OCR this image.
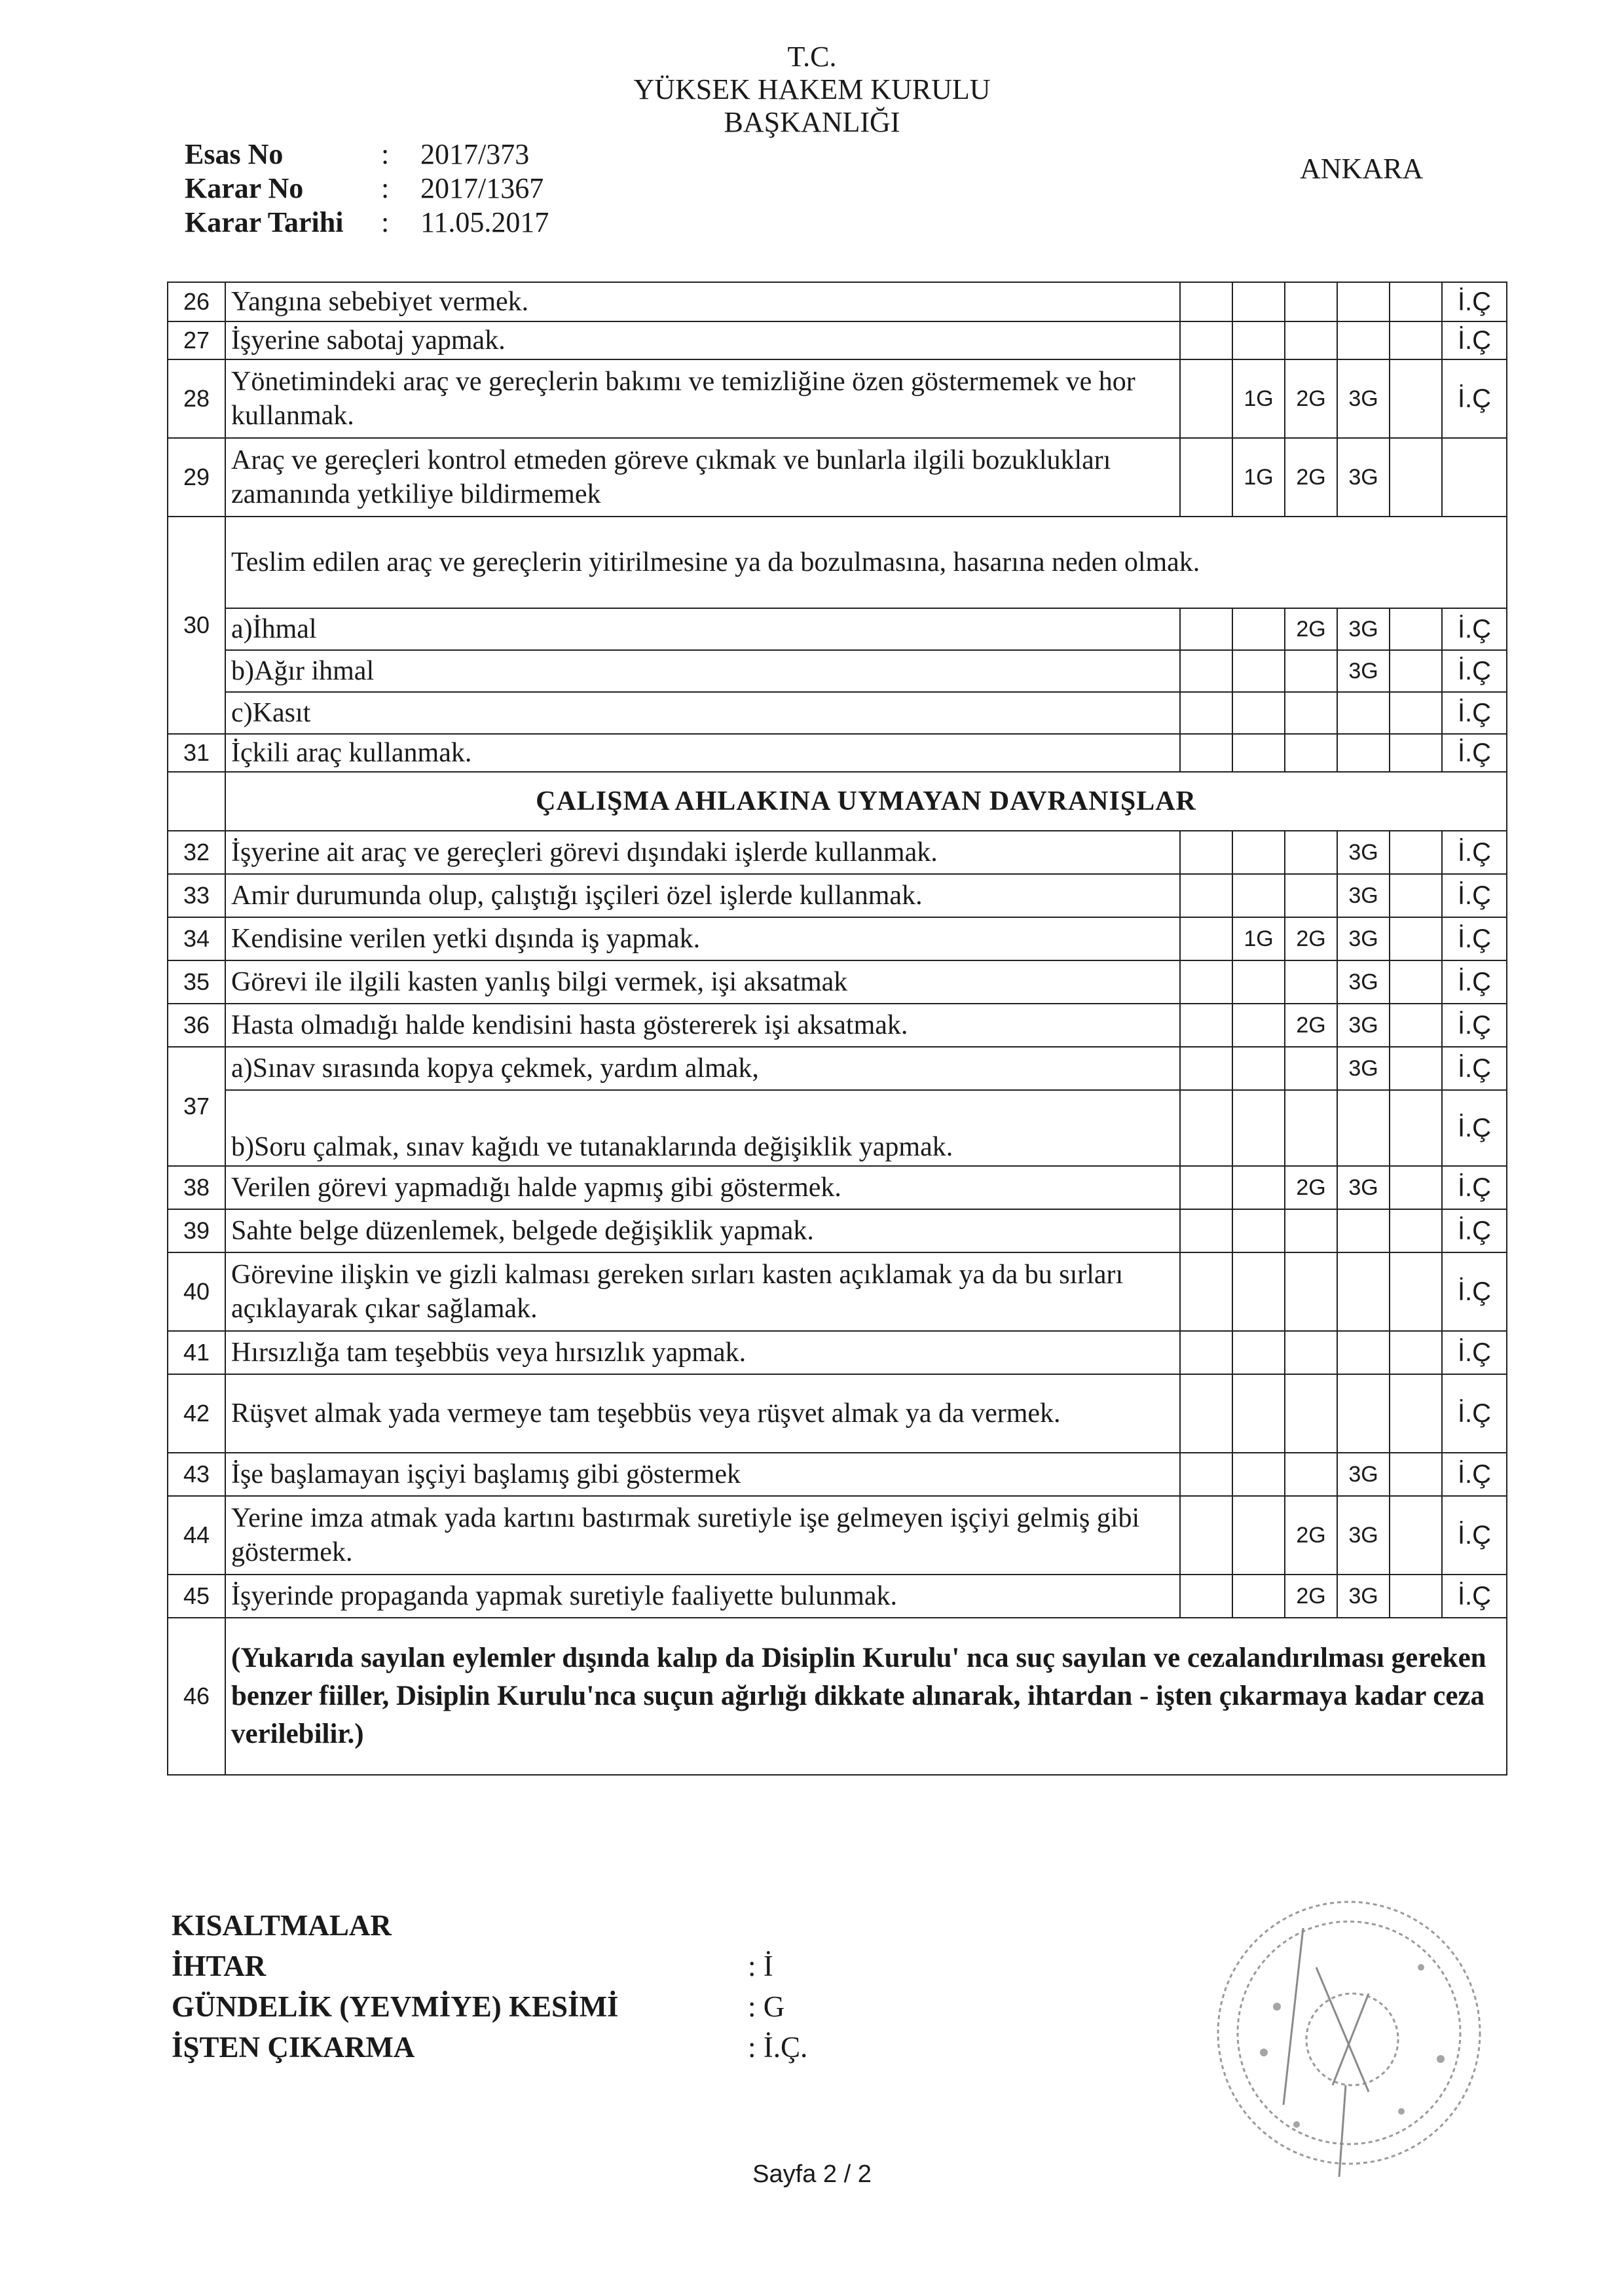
T.C.
YÜKSEK HAKEM KURULU
BAŞKANLIĞI
ANKARA
Esas No	:	2017/373
Karar No	:	2017/1367
Karar Tarihi	:	11.05.2017
26	Yangına sebebiyet vermek.						İ.Ç
27	İşyerine sabotaj yapmak.						İ.Ç
28	Yönetimindeki araç ve gereçlerin bakımı ve temizliğine özen göstermemek ve hor kullanmak.		1G	2G	3G		İ.Ç
29	Araç ve gereçleri kontrol etmeden göreve çıkmak ve bunlarla ilgili bozuklukları zamanında yetkiliye bildirmemek		1G	2G	3G		
30	Teslim edilen araç ve gereçlerin yitirilmesine ya da bozulmasına, hasarına neden olmak.						
	a)İhmal			2G	3G		İ.Ç
	b)Ağır ihmal				3G		İ.Ç
	c)Kasıt						İ.Ç
31	İçkili araç kullanmak.						İ.Ç
	ÇALIŞMA AHLAKINA UYMAYAN DAVRANIŞLAR						
32	İşyerine ait araç ve gereçleri görevi dışındaki işlerde kullanmak.				3G		İ.Ç
33	Amir durumunda olup, çalıştığı işçileri özel işlerde kullanmak.				3G		İ.Ç
34	Kendisine verilen yetki dışında iş yapmak.		1G	2G	3G		İ.Ç
35	Görevi ile ilgili kasten yanlış bilgi vermek, işi aksatmak				3G		İ.Ç
36	Hasta olmadığı halde kendisini hasta göstererek işi aksatmak.			2G	3G		İ.Ç
37	a)Sınav sırasında kopya çekmek, yardım almak,				3G		İ.Ç
	b)Soru çalmak, sınav kağıdı ve tutanaklarında değişiklik yapmak.						İ.Ç
38	Verilen görevi yapmadığı halde yapmış gibi göstermek.			2G	3G		İ.Ç
39	Sahte belge düzenlemek, belgede değişiklik yapmak.						İ.Ç
40	Görevine ilişkin ve gizli kalması gereken sırları kasten açıklamak ya da bu sırları açıklayarak çıkar sağlamak.						İ.Ç
41	Hırsızlığa tam teşebbüs veya hırsızlık yapmak.						İ.Ç
42	Rüşvet almak yada vermeye tam teşebbüs veya rüşvet almak ya da vermek.						İ.Ç
43	İşe başlamayan işçiyi başlamış gibi göstermek				3G		İ.Ç
44	Yerine imza atmak yada kartını bastırmak suretiyle işe gelmeyen işçiyi gelmiş gibi göstermek.			2G	3G		İ.Ç
45	İşyerinde propaganda yapmak suretiyle faaliyette bulunmak.			2G	3G		İ.Ç
46	(Yukarıda sayılan eylemler dışında kalıp da Disiplin Kurulu' nca suç sayılan ve cezalandırılması gereken benzer fiiller, Disiplin Kurulu'nca suçun ağırlığı dikkate alınarak, ihtardan - işten çıkarmaya kadar ceza verilebilir.)						
KISALTMALAR
İHTAR	: İ
GÜNDELİK (YEVMİYE) KESİMİ	: G
İŞTEN ÇIKARMA	: İ.Ç.
Sayfa 2 / 2
